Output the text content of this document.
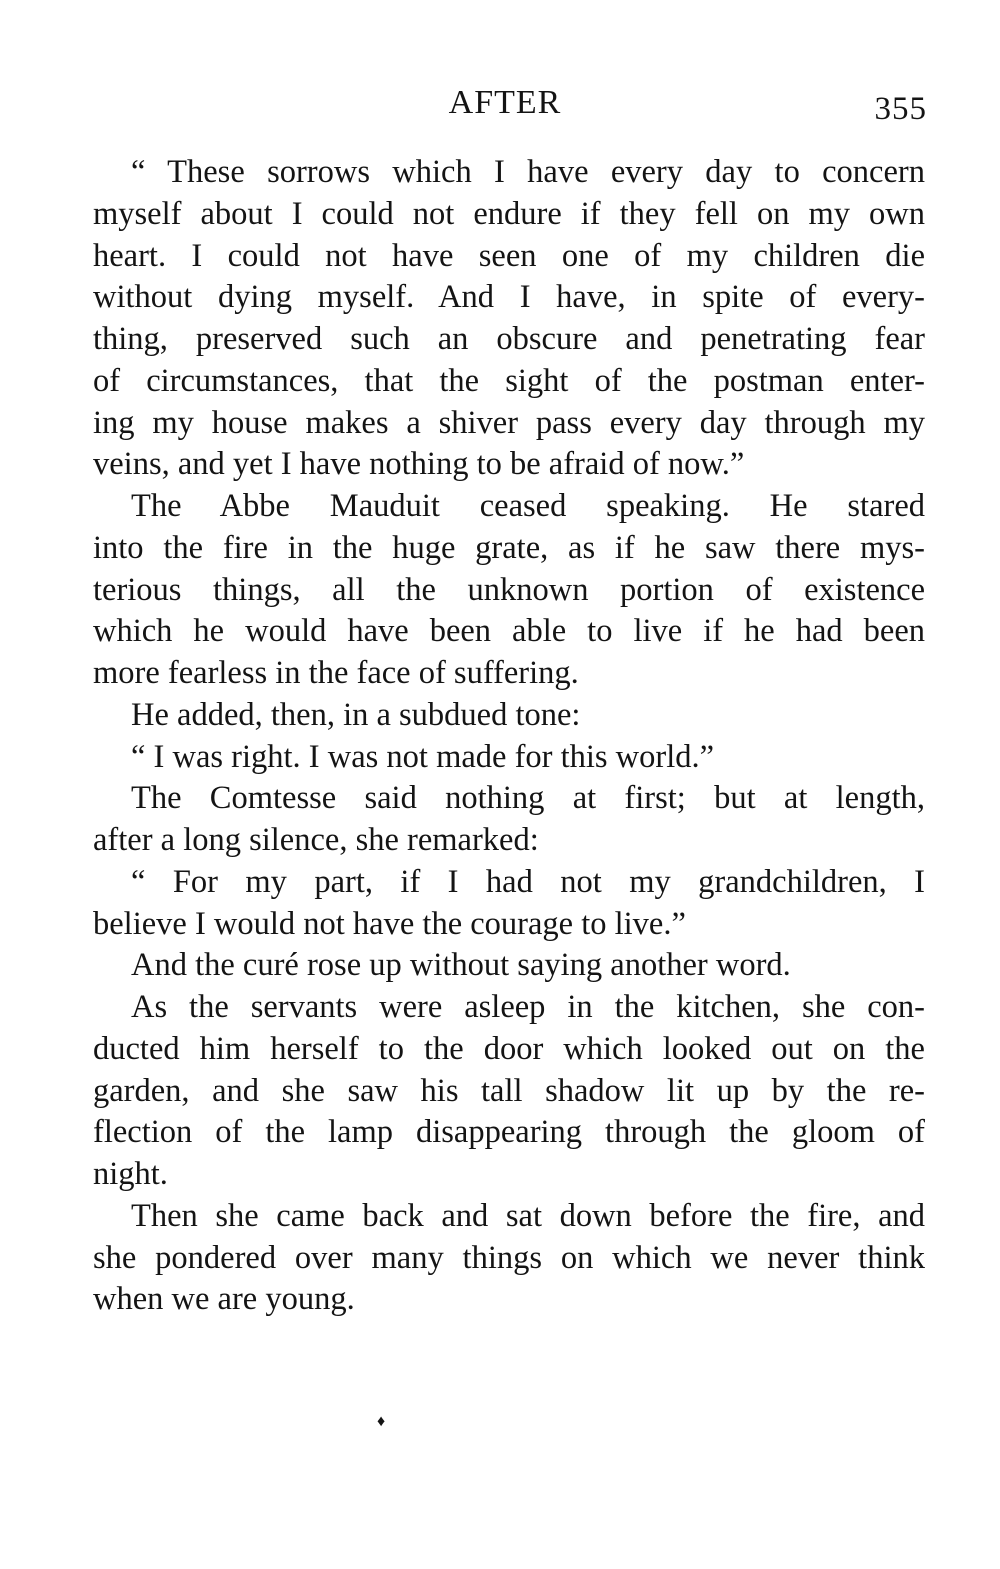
AFTER	355
“ These sorrows which I have every day to concern
myself about I could not endure if they fell on my own
heart. I could not have seen one of my children die
without dying myself. And I have, in spite of every-
thing, preserved such an obscure and penetrating fear
of circumstances, that the sight of the postman enter-
ing my house makes a shiver pass every day through my
veins, and yet I have nothing to be afraid of now.”
The Abbe Mauduit ceased speaking. He stared
into the fire in the huge grate, as if he saw there mys-
terious things, all the unknown portion of existence
which he would have been able to live if he had been
more fearless in the face of suffering.
He added, then, in a subdued tone:
“ I was right. I was not made for this world.”
The Comtesse said nothing at first; but at length,
after a long silence, she remarked:
“ For my part, if I had not my grandchildren, I
believe I would not have the courage to live.”
And the curé rose up without saying another word.
As the servants were asleep in the kitchen, she con-
ducted him herself to the door which looked out on the
garden, and she saw his tall shadow lit up by the re-
flection of the lamp disappearing through the gloom of
night.
Then she came back and sat down before the fire, and
she pondered over many things on which we never think
when we are young.
♦
